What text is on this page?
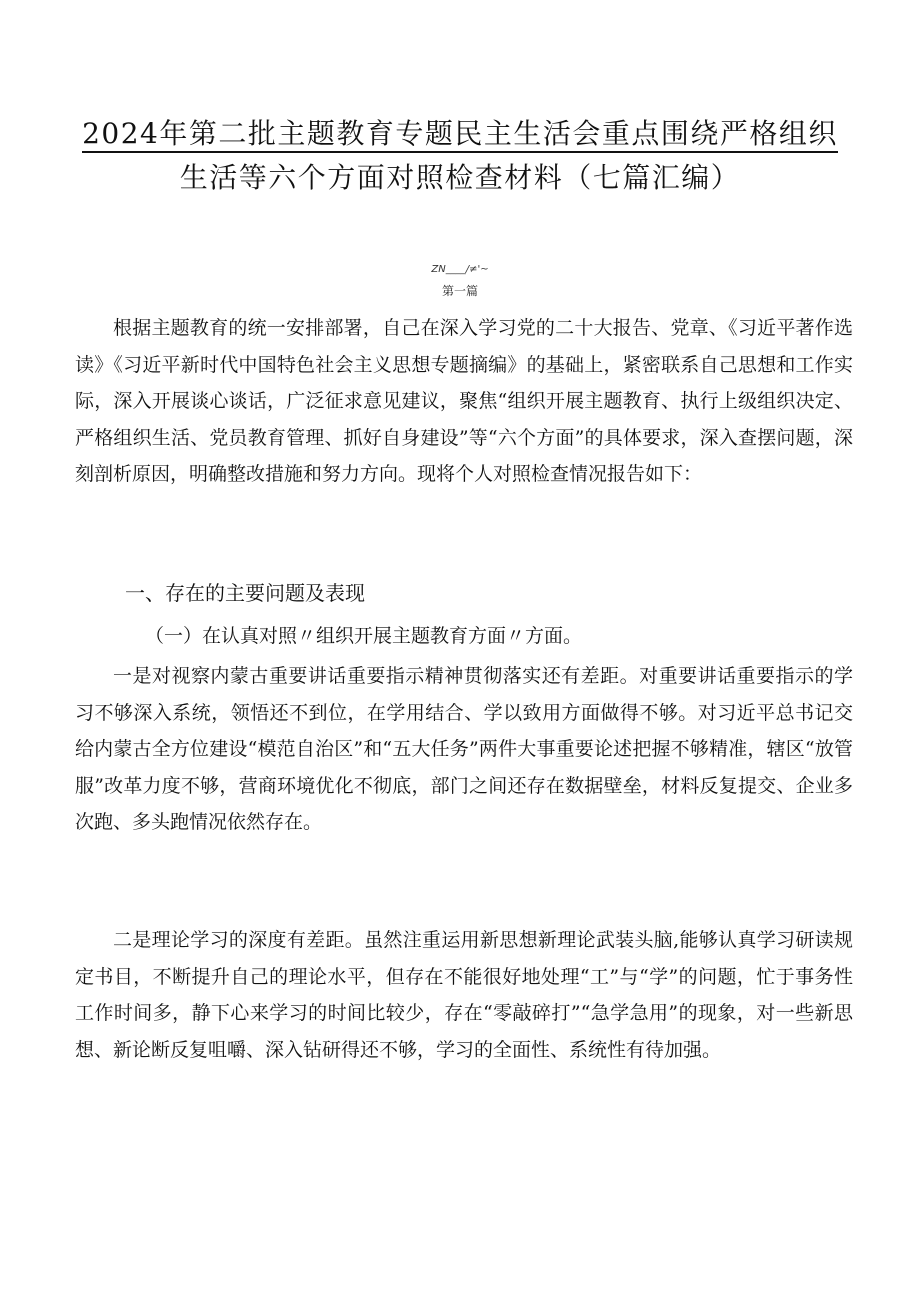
2024年第二批主题教育专题民主生活会重点围绕严格组织
生活等六个方面对照检查材料（七篇汇编）
ZN____/≠'~
第一篇

根据主题教育的统一安排部署，自己在深入学习党的二十大报告、党章、《习近平著作选读》《习近平新时代中国特色社会主义思想专题摘编》的基础上，紧密联系自己思想和工作实际，深入开展谈心谈话，广泛征求意见建议，聚焦“组织开展主题教育、执行上级组织决定、严格组织生活、党员教育管理、抓好自身建设”等“六个方面”的具体要求，深入查摆问题，深刻剖析原因，明确整改措施和努力方向。现将个人对照检查情况报告如下：

一、存在的主要问题及表现
（一）在认真对照〃组织开展主题教育方面〃方面。

一是对视察内蒙古重要讲话重要指示精神贯彻落实还有差距。对重要讲话重要指示的学习不够深入系统，领悟还不到位，在学用结合、学以致用方面做得不够。对习近平总书记交给内蒙古全方位建设“模范自治区”和“五大任务”两件大事重要论述把握不够精准，辖区“放管服”改革力度不够，营商环境优化不彻底，部门之间还存在数据壁垒，材料反复提交、企业多次跑、多头跑情况依然存在。

二是理论学习的深度有差距。虽然注重运用新思想新理论武装头脑,能够认真学习研读规定书目，不断提升自己的理论水平，但存在不能很好地处理“工”与“学”的问题，忙于事务性工作时间多，静下心来学习的时间比较少，存在“零敲碎打”“急学急用”的现象，对一些新思想、新论断反复咀嚼、深入钻研得还不够，学习的全面性、系统性有待加强。
